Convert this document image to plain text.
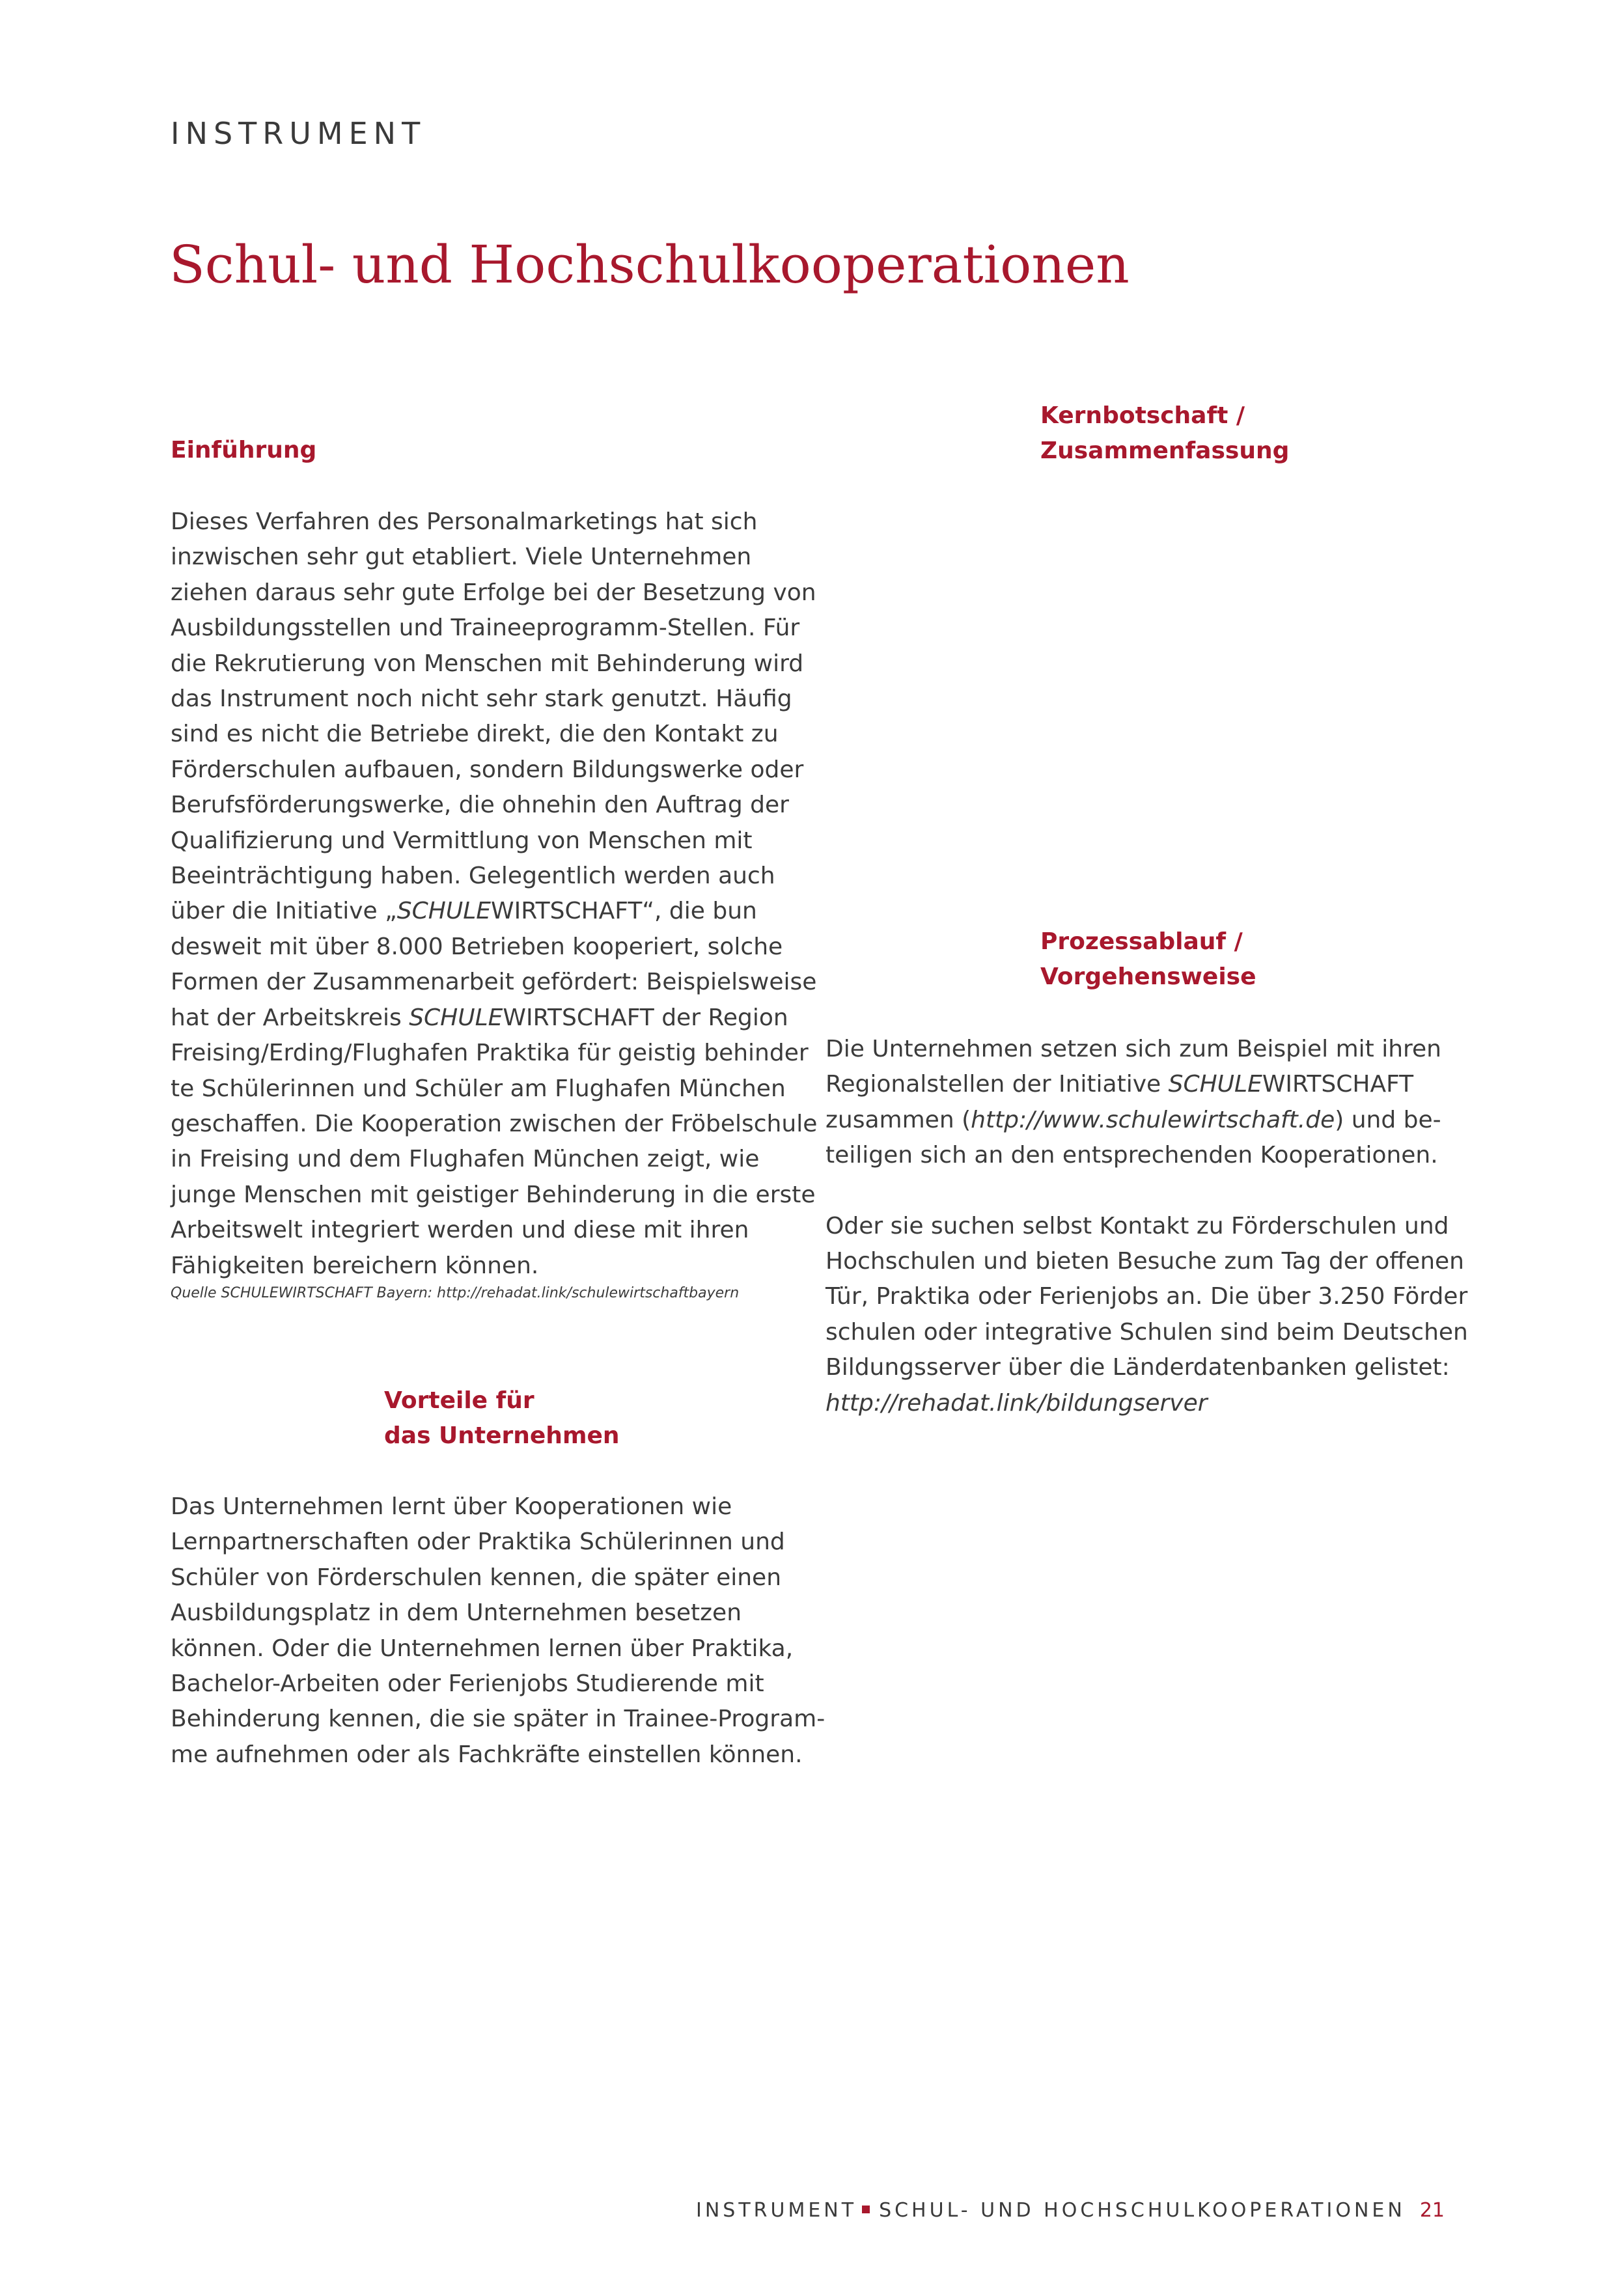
INSTRUMENT
Schul- und Hochschulkooperationen
Einführung
Dieses Verfahren des Personalmarketings hat sich
inzwischen sehr gut etabliert. Viele Unternehmen
ziehen daraus sehr gute Erfolge bei der Besetzung von
Ausbildungsstellen und Traineeprogramm-Stellen. Für
die Rekrutierung von Menschen mit Behinderung wird
das Instrument noch nicht sehr stark genutzt. Häufig
sind es nicht die Betriebe direkt, die den Kontakt zu
Förderschulen aufbauen, sondern Bildungswerke oder
Berufsförderungswerke, die ohnehin den Auftrag der
Qualifizierung und Vermittlung von Menschen mit
Beeinträchtigung haben. Gelegentlich werden auch
über die Initiative „SCHULEWIRTSCHAFT“, die bun
desweit mit über 8.000 Betrieben kooperiert, solche
Formen der Zusammenarbeit gefördert: Beispielsweise
hat der Arbeitskreis SCHULEWIRTSCHAFT der Region
Freising/Erding/Flughafen Praktika für geistig behinder
te Schülerinnen und Schüler am Flughafen München
geschaffen. Die Kooperation zwischen der Fröbelschule
in Freising und dem Flughafen München zeigt, wie
junge Menschen mit geistiger Behinderung in die erste
Arbeitswelt integriert werden und diese mit ihren
Fähigkeiten bereichern können.

Quelle SCHULEWIRTSCHAFT Bayern: http://rehadat.link/schulewirtschaftbayern

Vorteile für
das Unternehmen
Das Unternehmen lernt über Kooperationen wie
Lernpartnerschaften oder Praktika Schülerinnen und
Schüler von Förderschulen kennen, die später einen
Ausbildungsplatz in dem Unternehmen besetzen
können. Oder die Unternehmen lernen über Praktika,
Bachelor-Arbeiten oder Ferienjobs Studierende mit
Behinderung kennen, die sie später in Trainee-Program-
me aufnehmen oder als Fachkräfte einstellen können.
Kernbotschaft /
Zusammenfassung
Prozessablauf /
Vorgehensweise
Die Unternehmen setzen sich zum Beispiel mit ihren
Regionalstellen der Initiative SCHULEWIRTSCHAFT
zusammen (http://www.schulewirtschaft.de) und be-
teiligen sich an den entsprechenden Kooperationen.
Oder sie suchen selbst Kontakt zu Förderschulen und
Hochschulen und bieten Besuche zum Tag der offenen
Tür, Praktika oder Ferienjobs an. Die über 3.250 Förder
schulen oder integrative Schulen sind beim Deutschen
Bildungsserver über die Länderdatenbanken gelistet:
http://rehadat.link/bildungserver
INSTRUMENT SCHUL- UND HOCHSCHULKOOPERATIONEN 21
